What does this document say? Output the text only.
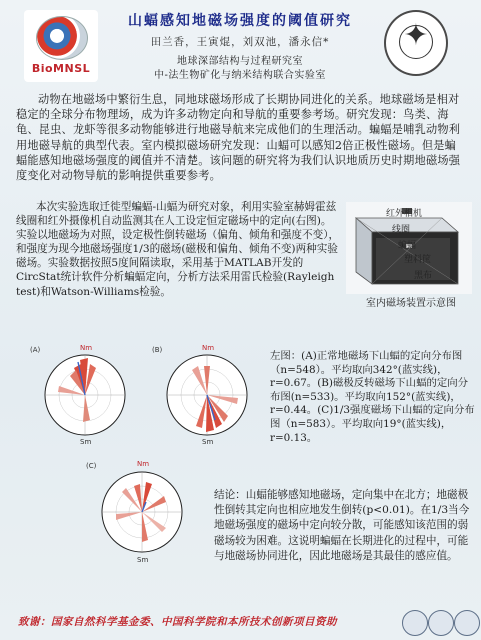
BioMNSL
山蝠感知地磁场强度的阈值研究
田兰香，王寅焜，刘双池，潘永信*
地球深部结构与过程研究室
中-法生物矿化与纳米结构联合实验室
✦
动物在地磁场中繁衍生息，同地球磁场形成了长期协同进化的关系。地球磁场是相对稳定的全球分布物理场，成为许多动物定向和导航的重要参考场。研究发现：鸟类、海龟、昆虫、龙虾等很多动物能够进行地磁导航来完成他们的生理活动。蝙蝠是哺乳动物利用地磁导航的典型代表。室内模拟磁场研究发现：山蝠可以感知2倍正极性磁场。但是蝙蝠能感知地磁场强度的阈值并不清楚。该问题的研究将为我们认识地质历史时期地磁场强度变化对动物导航的影响提供重要参考。
本次实验选取迁徙型蝙蝠-山蝠为研究对象，利用实验室赫姆霍兹线圈和红外摄像机自动监测其在人工设定恒定磁场中的定向(右图)。实验以地磁场为对照，设定极性倒转磁场（偏角、倾角和强度不变），和强度为现今地磁场强度1/3的磁场(磁极和偏角、倾角不变)两种实验磁场。实验数据按照5度间隔读取，采用基于MATLAB开发的CircStat统计软件分析蝙蝠定向，分析方法采用雷氏检验(Rayleigh test)和Watson-Williams检验。
红外相机
线圈
蝙蝠
塑料筐
黑布
室内磁场装置示意图
(A)	Nm
Sm
(B)	Nm
Sm
(C)	Nm
Sm
左图：(A)正常地磁场下山蝠的定向分布图（n=548）。平均取向342°(蓝实线)，r=0.67。(B)磁极反转磁场下山蝠的定向分布图(n=533)。平均取向152°(蓝实线)，r=0.44。(C)1/3强度磁场下山蝠的定向分布图（n=583）。平均取向19°(蓝实线)，r=0.13。
结论：山蝠能够感知地磁场，定向集中在北方；地磁极性倒转其定向也相应地发生倒转(p<0.01)。在1/3当今地磁场强度的磁场中定向较分散，可能感知该范围的弱磁场较为困难。这说明蝙蝠在长期进化的过程中，可能与地磁场协同进化，因此地磁场是其最佳的感应值。
致谢：国家自然科学基金委、中国科学院和本所技术创新项目资助
